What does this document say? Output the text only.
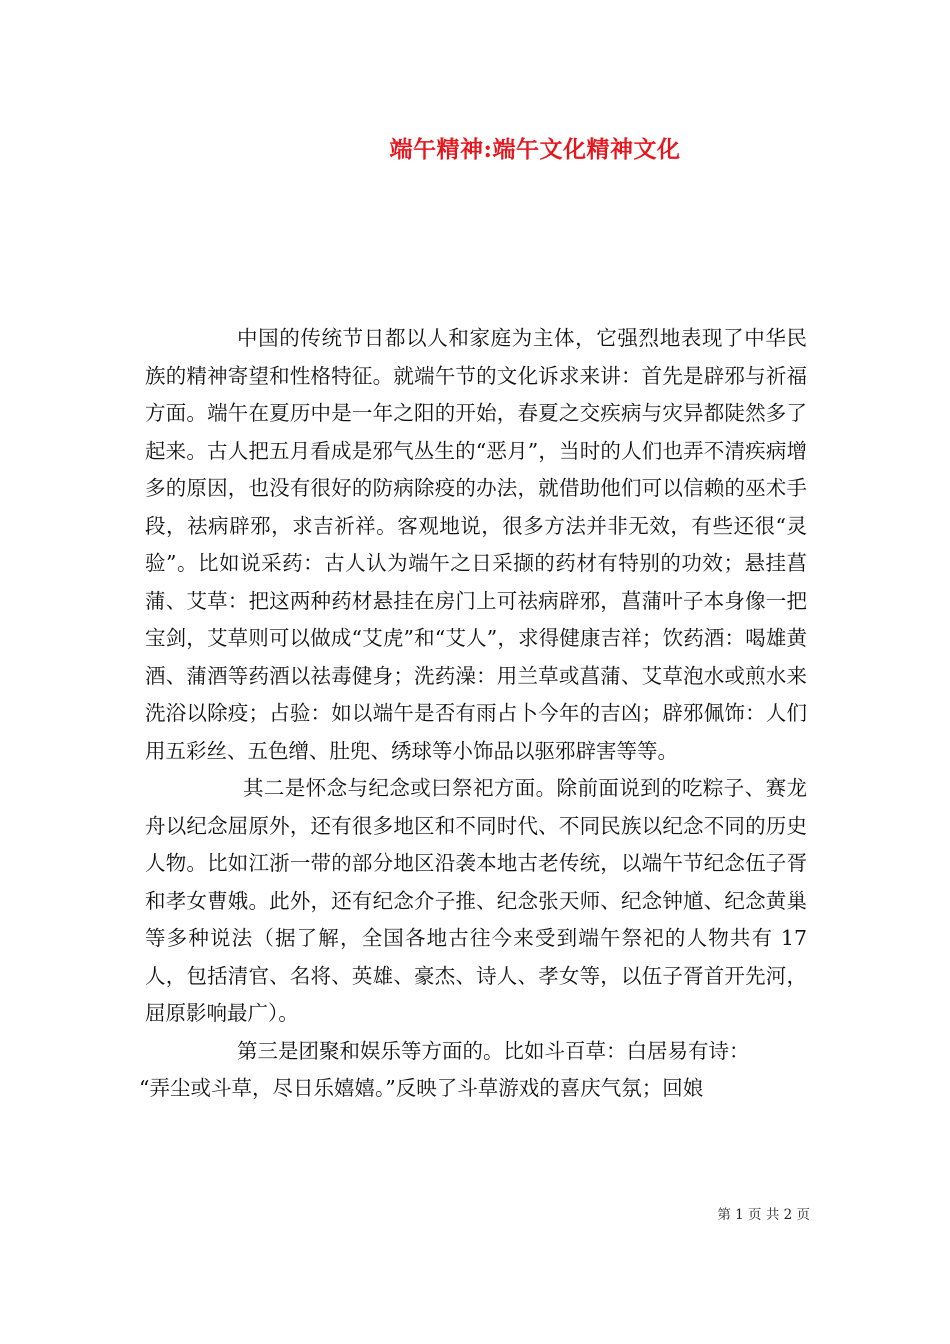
端午精神:端午文化精神文化

中国的传统节日都以人和家庭为主体，它强烈地表现了中华民族的精神寄望和性格特征。就端午节的文化诉求来讲：首先是辟邪与祈福方面。端午在夏历中是一年之阳的开始，春夏之交疾病与灾异都陡然多了起来。古人把五月看成是邪气丛生的“恶月”，当时的人们也弄不清疾病增多的原因，也没有很好的防病除疫的办法，就借助他们可以信赖的巫术手段，祛病辟邪，求吉祈祥。客观地说，很多方法并非无效，有些还很“灵验”。比如说采药：古人认为端午之日采撷的药材有特别的功效；悬挂菖蒲、艾草：把这两种药材悬挂在房门上可祛病辟邪，菖蒲叶子本身像一把宝剑，艾草则可以做成“艾虎”和“艾人”，求得健康吉祥；饮药酒：喝雄黄酒、蒲酒等药酒以祛毒健身；洗药澡：用兰草或菖蒲、艾草泡水或煎水来洗浴以除疫；占验：如以端午是否有雨占卜今年的吉凶；辟邪佩饰：人们用五彩丝、五色缯、肚兜、绣球等小饰品以驱邪辟害等等。

其二是怀念与纪念或曰祭祀方面。除前面说到的吃粽子、赛龙舟以纪念屈原外，还有很多地区和不同时代、不同民族以纪念不同的历史人物。比如江浙一带的部分地区沿袭本地古老传统，以端午节纪念伍子胥和孝女曹娥。此外，还有纪念介子推、纪念张天师、纪念钟馗、纪念黄巢等多种说法（据了解，全国各地古往今来受到端午祭祀的人物共有 17 人，包括清官、名将、英雄、豪杰、诗人、孝女等，以伍子胥首开先河，屈原影响最广）。

第三是团聚和娱乐等方面的。比如斗百草：白居易有诗：
“弄尘或斗草，尽日乐嬉嬉。”反映了斗草游戏的喜庆气氛；回娘

第 1 页 共 2 页
